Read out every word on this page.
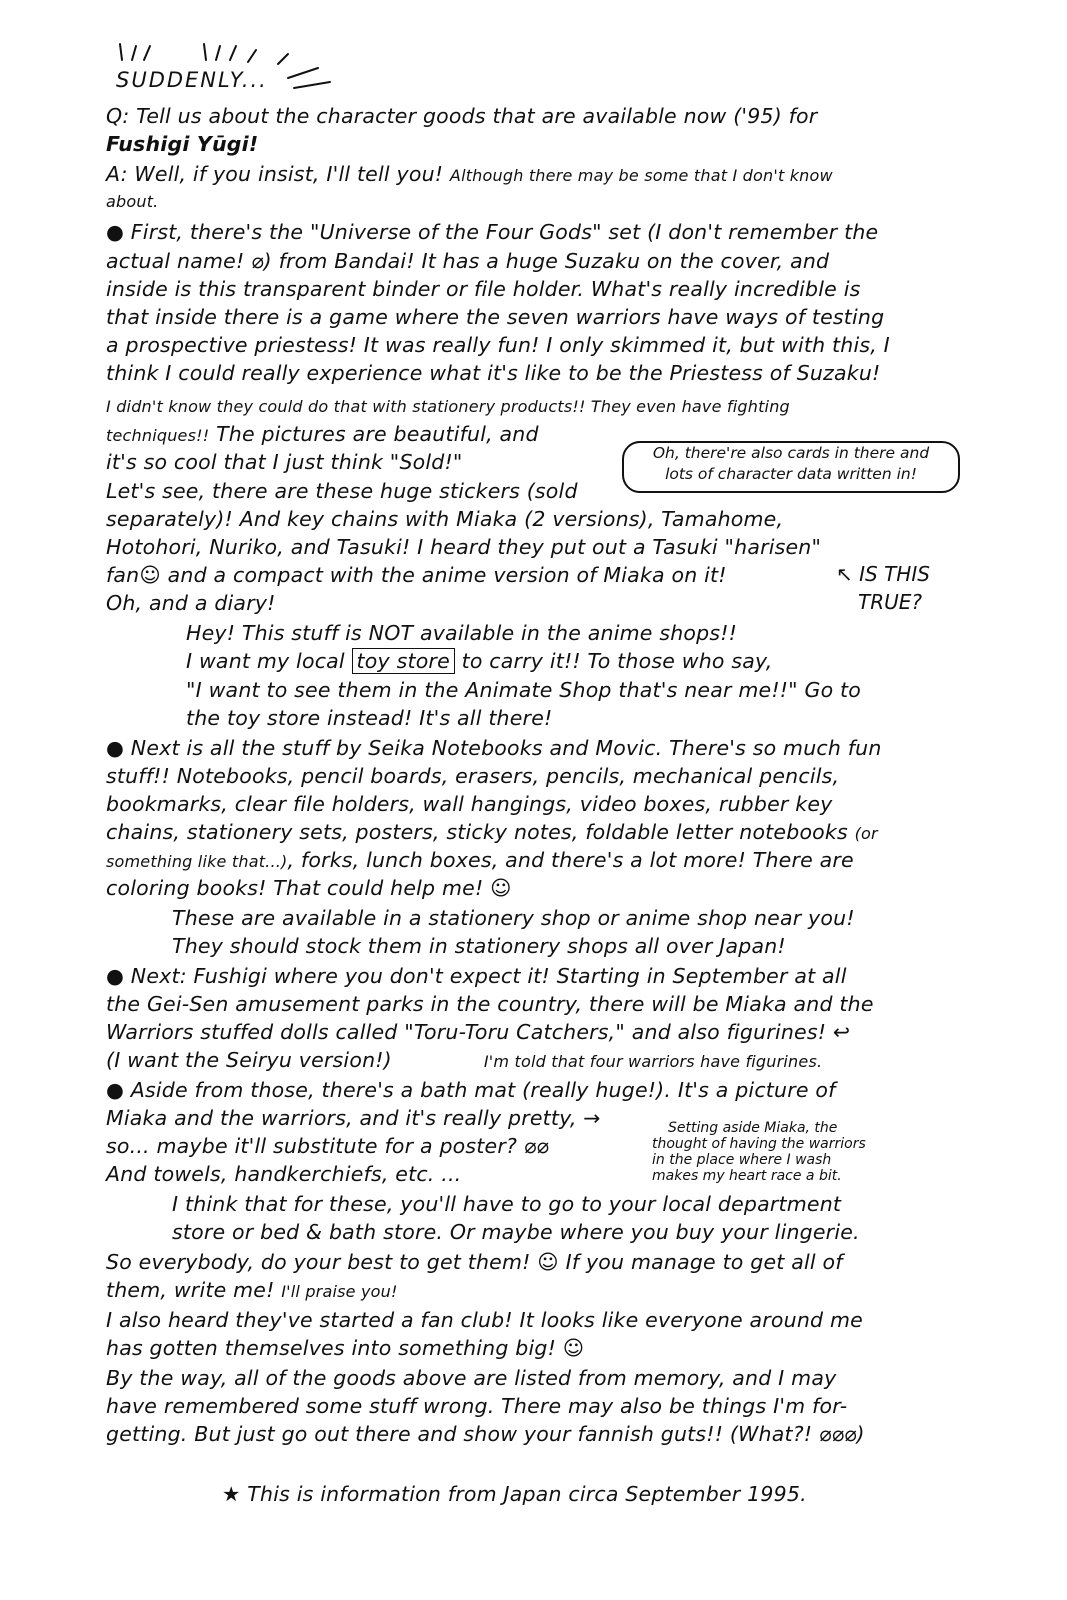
SUDDENLY...
Q: Tell us about the character goods that are available now ('95) for
Fushigi Yūgi!
A: Well, if you insist, I'll tell you! Although there may be some that I don't know
about.
● First, there's the "Universe of the Four Gods" set (I don't remember the
actual name! ⌀) from Bandai! It has a huge Suzaku on the cover, and
inside is this transparent binder or file holder. What's really incredible is
that inside there is a game where the seven warriors have ways of testing
a prospective priestess! It was really fun! I only skimmed it, but with this, I
think I could really experience what it's like to be the Priestess of Suzaku!
I didn't know they could do that with stationery products!! They even have fighting
techniques!! The pictures are beautiful, and
it's so cool that I just think "Sold!"
Let's see, there are these huge stickers (sold
separately)! And key chains with Miaka (2 versions), Tamahome,
Hotohori, Nuriko, and Tasuki! I heard they put out a Tasuki "harisen"
fan☺ and a compact with the anime version of Miaka on it!
Oh, and a diary!
Oh, there're also cards in there and
lots of character data written in!
↖ IS THIS
TRUE?
Hey! This stuff is NOT available in the anime shops!!
I want my local toy store to carry it!! To those who say,
"I want to see them in the Animate Shop that's near me!!" Go to
the toy store instead! It's all there!
● Next is all the stuff by Seika Notebooks and Movic. There's so much fun
stuff!! Notebooks, pencil boards, erasers, pencils, mechanical pencils,
bookmarks, clear file holders, wall hangings, video boxes, rubber key
chains, stationery sets, posters, sticky notes, foldable letter notebooks (or
something like that...), forks, lunch boxes, and there's a lot more! There are
coloring books! That could help me! ☺
These are available in a stationery shop or anime shop near you!
They should stock them in stationery shops all over Japan!
● Next: Fushigi where you don't expect it! Starting in September at all
the Gei-Sen amusement parks in the country, there will be Miaka and the
Warriors stuffed dolls called "Toru-Toru Catchers," and also figurines! ↩
(I want the Seiryu version!)	I'm told that four warriors have figurines.
● Aside from those, there's a bath mat (really huge!). It's a picture of
Miaka and the warriors, and it's really pretty, →
so... maybe it'll substitute for a poster? ⌀⌀
And towels, handkerchiefs, etc. ...
Setting aside Miaka, the
thought of having the warriors
in the place where I wash
makes my heart race a bit.
I think that for these, you'll have to go to your local department
store or bed & bath store. Or maybe where you buy your lingerie.
So everybody, do your best to get them! ☺ If you manage to get all of
them, write me! I'll praise you!
I also heard they've started a fan club! It looks like everyone around me
has gotten themselves into something big! ☺
By the way, all of the goods above are listed from memory, and I may
have remembered some stuff wrong. There may also be things I'm for-
getting. But just go out there and show your fannish guts!! (What?! ⌀⌀⌀)
★ This is information from Japan circa September 1995.
